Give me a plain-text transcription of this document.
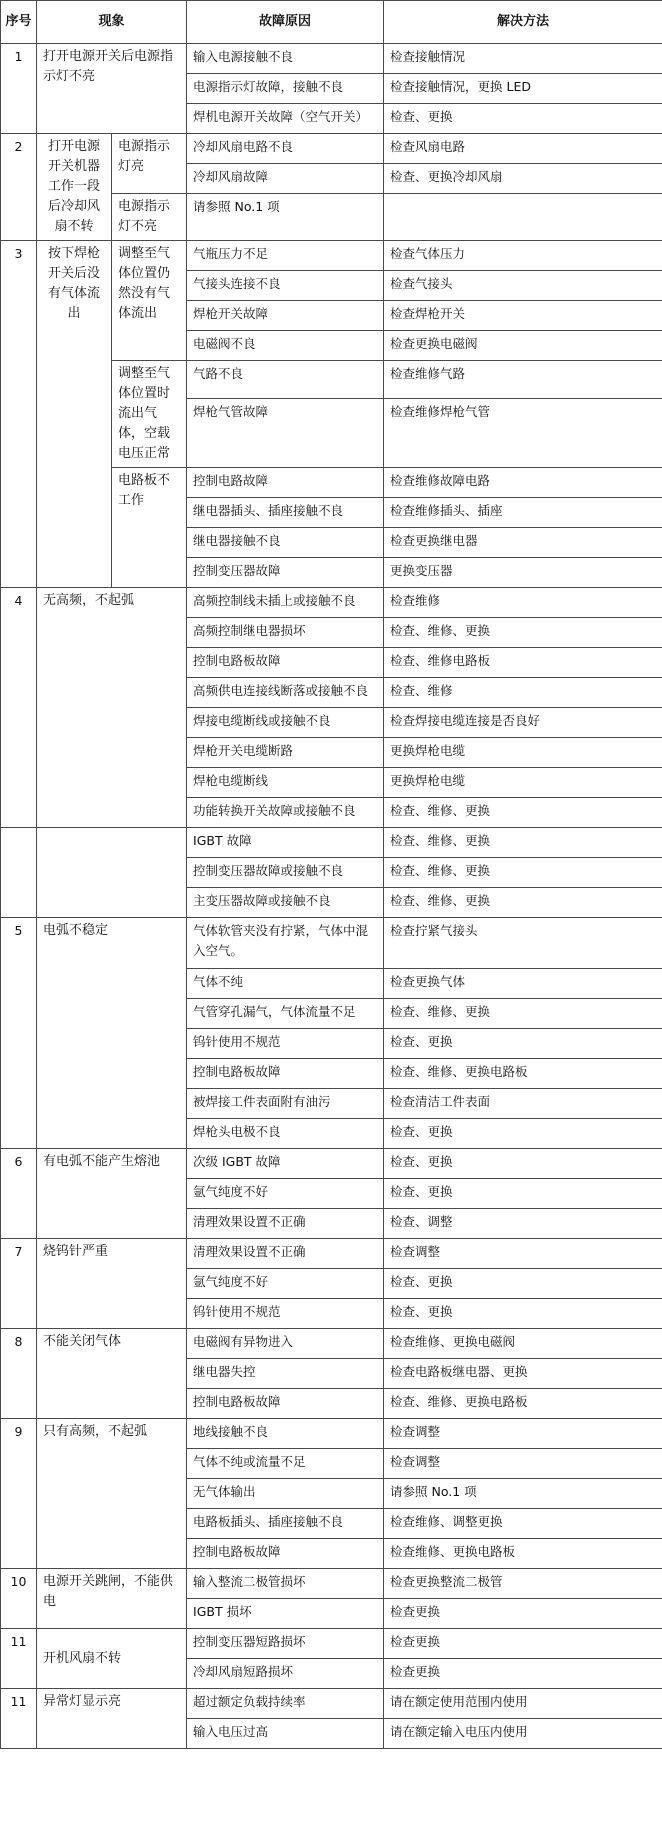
序号	现象		故障原因	解决方法
1	打开电源开关后电源指示灯不亮		输入电源接触不良	检查接触情况
			电源指示灯故障，接触不良	检查接触情况，更换 LED
			焊机电源开关故障（空气开关）	检查、更换
2	打开电源开关机器工作一段后冷却风扇不转	电源指示灯亮	冷却风扇电路不良	检查风扇电路
			冷却风扇故障	检查、更换冷却风扇
		电源指示灯不亮	请参照 No.1 项	
3	按下焊枪开关后没有气体流出	调整至气体位置仍然没有气体流出	气瓶压力不足	检查气体压力
			气接头连接不良	检查气接头
			焊枪开关故障	检查焊枪开关
			电磁阀不良	检查更换电磁阀
		调整至气体位置时流出气体，空载电压正常	气路不良	检查维修气路
			焊枪气管故障	检查维修焊枪气管
		电路板不工作	控制电路故障	检查维修故障电路
			继电器插头、插座接触不良	检查维修插头、插座
			继电器接触不良	检查更换继电器
			控制变压器故障	更换变压器
4	无高频，不起弧		高频控制线未插上或接触不良	检查维修
			高频控制继电器损坏	检查、维修、更换
			控制电路板故障	检查、维修电路板
			高频供电连接线断落或接触不良	检查、维修
			焊接电缆断线或接触不良	检查焊接电缆连接是否良好
			焊枪开关电缆断路	更换焊枪电缆
			焊枪电缆断线	更换焊枪电缆
			功能转换开关故障或接触不良	检查、维修、更换
			IGBT 故障	检查、维修、更换
			控制变压器故障或接触不良	检查、维修、更换
			主变压器故障或接触不良	检查、维修、更换
5	电弧不稳定		气体软管夹没有拧紧，气体中混入空气。	检查拧紧气接头
			气体不纯	检查更换气体
			气管穿孔漏气，气体流量不足	检查、维修、更换
			钨针使用不规范	检查、更换
			控制电路板故障	检查、维修、更换电路板
			被焊接工件表面附有油污	检查清洁工件表面
			焊枪头电极不良	检查、更换
6	有电弧不能产生熔池		次级 IGBT 故障	检查、更换
			氩气纯度不好	检查、更换
			清理效果设置不正确	检查、调整
7	烧钨针严重		清理效果设置不正确	检查调整
			氩气纯度不好	检查、更换
			钨针使用不规范	检查、更换
8	不能关闭气体		电磁阀有异物进入	检查维修、更换电磁阀
			继电器失控	检查电路板继电器、更换
			控制电路板故障	检查、维修、更换电路板
9	只有高频，不起弧		地线接触不良	检查调整
			气体不纯或流量不足	检查调整
			无气体输出	请参照 No.1 项
			电路板插头、插座接触不良	检查维修、调整更换
			控制电路板故障	检查维修、更换电路板
10	电源开关跳闸，不能供电		输入整流二极管损坏	检查更换整流二极管
			IGBT 损坏	检查更换
11	开机风扇不转		控制变压器短路损坏	检查更换
			冷却风扇短路损坏	检查更换
11	异常灯显示亮		超过额定负载持续率	请在额定使用范围内使用
			输入电压过高	请在额定输入电压内使用
